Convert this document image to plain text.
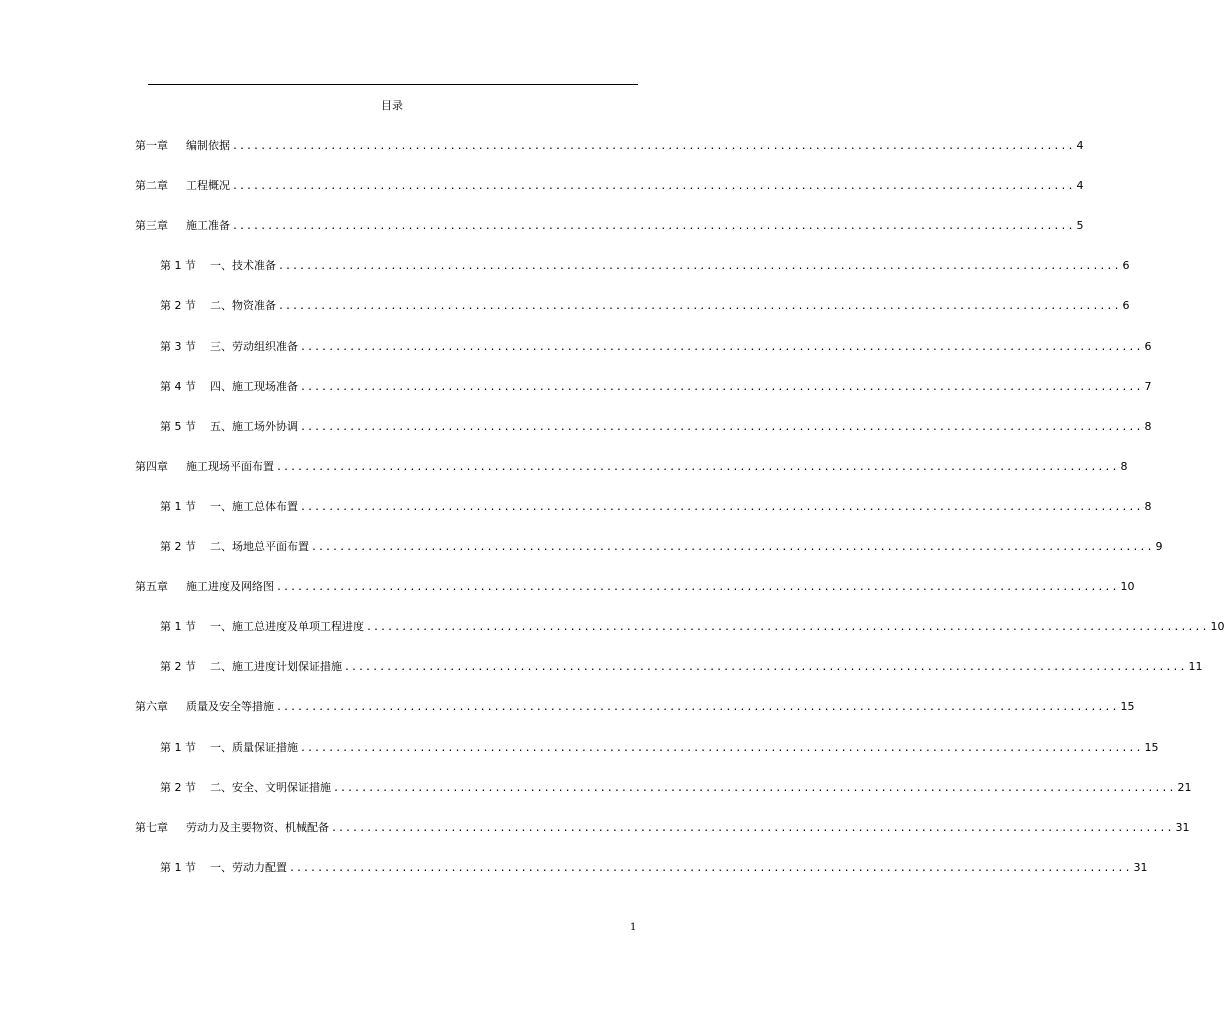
目录
第一章	编制依据 ........................................................................................................................ 4
第二章	工程概况 ........................................................................................................................ 4
第三章	施工准备 ........................................................................................................................ 5
第 1 节	一、技术准备 ........................................................................................................................ 6
第 2 节	二、物资准备 ........................................................................................................................ 6
第 3 节	三、劳动组织准备 ........................................................................................................................ 6
第 4 节	四、施工现场准备 ........................................................................................................................ 7
第 5 节	五、施工场外协调 ........................................................................................................................ 8
第四章	施工现场平面布置 ........................................................................................................................ 8
第 1 节	一、施工总体布置 ........................................................................................................................ 8
第 2 节	二、场地总平面布置 ........................................................................................................................ 9
第五章	施工进度及网络图 ........................................................................................................................ 10
第 1 节	一、施工总进度及单项工程进度 ........................................................................................................................ 10
第 2 节	二、施工进度计划保证措施 ........................................................................................................................ 11
第六章	质量及安全等措施 ........................................................................................................................ 15
第 1 节	一、质量保证措施 ........................................................................................................................ 15
第 2 节	二、安全、文明保证措施 ........................................................................................................................ 21
第七章	劳动力及主要物资、机械配备 ........................................................................................................................ 31
第 1 节	一、劳动力配置 ........................................................................................................................ 31
1
